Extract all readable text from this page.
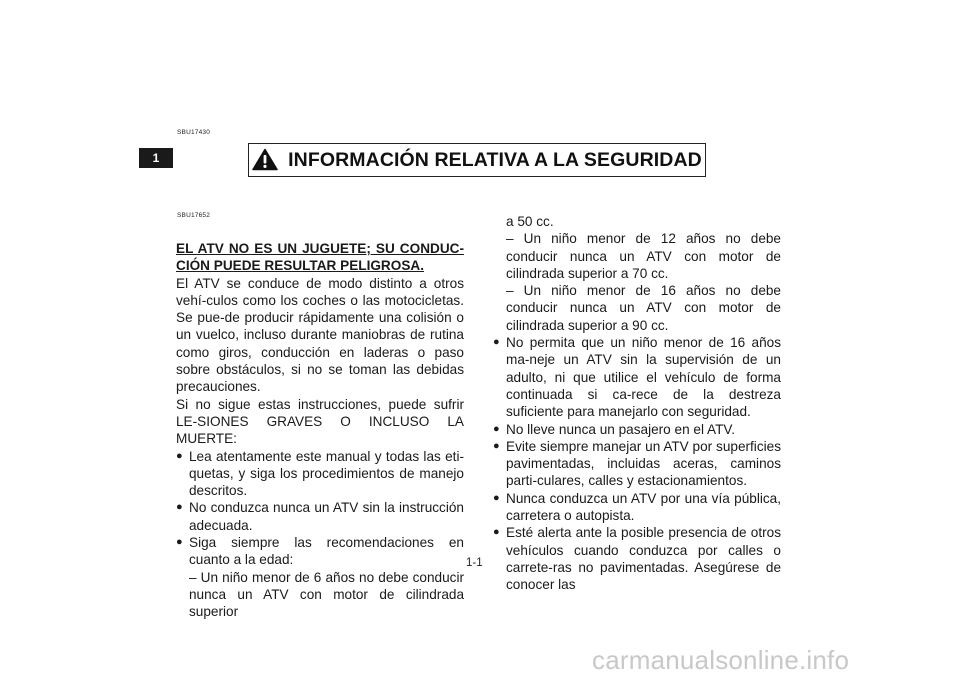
1
SBU17430
INFORMACIÓN RELATIVA A LA SEGURIDAD
SBU17652
EL ATV NO ES UN JUGUETE; SU CONDUC-
CIÓN PUEDE RESULTAR PELIGROSA.
El ATV se conduce de modo distinto a otros vehí-culos como los coches o las motocicletas. Se pue-de producir rápidamente una colisión o un vuelco, incluso durante maniobras de rutina como giros, conducción en laderas o paso sobre obstáculos, si no se toman las debidas precauciones.
Si no sigue estas instrucciones, puede sufrir LE-SIONES GRAVES O INCLUSO LA MUERTE:
● Lea atentamente este manual y todas las eti-quetas, y siga los procedimientos de manejo descritos.
● No conduzca nunca un ATV sin la instrucción adecuada.
● Siga siempre las recomendaciones en cuanto a la edad:
– Un niño menor de 6 años no debe conducir nunca un ATV con motor de cilindrada superior
a 50 cc.
– Un niño menor de 12 años no debe conducir nunca un ATV con motor de cilindrada superior a 70 cc.
– Un niño menor de 16 años no debe conducir nunca un ATV con motor de cilindrada superior a 90 cc.
● No permita que un niño menor de 16 años ma-neje un ATV sin la supervisión de un adulto, ni que utilice el vehículo de forma continuada si ca-rece de la destreza suficiente para manejarlo con seguridad.
● No lleve nunca un pasajero en el ATV.
● Evite siempre manejar un ATV por superficies pavimentadas, incluidas aceras, caminos parti-culares, calles y estacionamientos.
● Nunca conduzca un ATV por una vía pública, carretera o autopista.
● Esté alerta ante la posible presencia de otros vehículos cuando conduzca por calles o carrete-ras no pavimentadas. Asegúrese de conocer las
1-1
carmanualsonline.info
